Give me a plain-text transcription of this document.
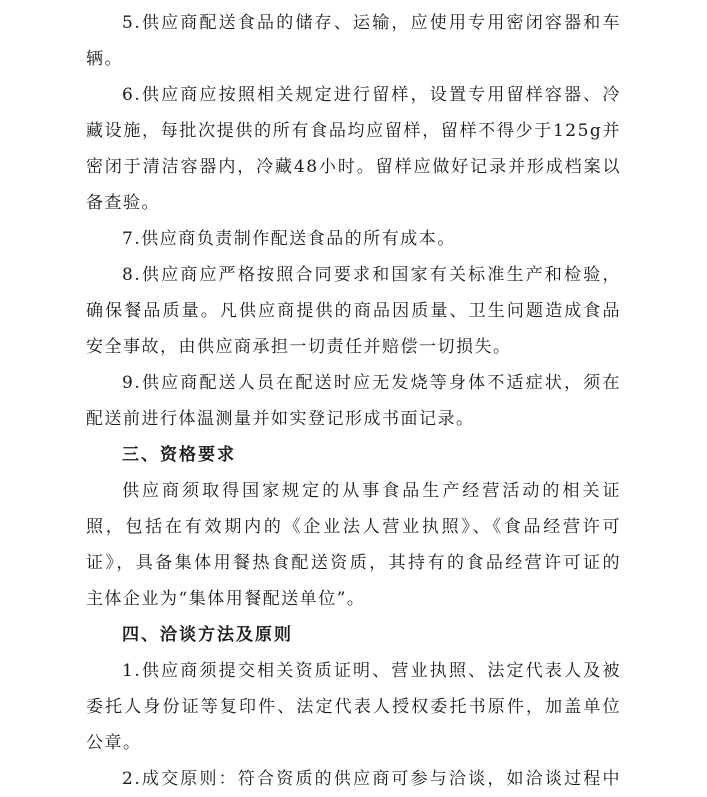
5.供应商配送食品的储存、运输，应使用专用密闭容器和车
辆。
6.供应商应按照相关规定进行留样，设置专用留样容器、冷
藏设施，每批次提供的所有食品均应留样，留样不得少于125g并
密闭于清洁容器内，冷藏48小时。留样应做好记录并形成档案以
备查验。
7.供应商负责制作配送食品的所有成本。
8.供应商应严格按照合同要求和国家有关标准生产和检验，
确保餐品质量。凡供应商提供的商品因质量、卫生问题造成食品
安全事故，由供应商承担一切责任并赔偿一切损失。
9.供应商配送人员在配送时应无发烧等身体不适症状，须在
配送前进行体温测量并如实登记形成书面记录。
三、资格要求
供应商须取得国家规定的从事食品生产经营活动的相关证
照，包括在有效期内的《企业法人营业执照》、《食品经营许可
证》，具备集体用餐热食配送资质，其持有的食品经营许可证的
主体企业为“集体用餐配送单位”。
四、洽谈方法及原则
1.供应商须提交相关资质证明、营业执照、法定代表人及被
委托人身份证等复印件、法定代表人授权委托书原件，加盖单位
公章。
2.成交原则：符合资质的供应商可参与洽谈，如洽谈过程中
